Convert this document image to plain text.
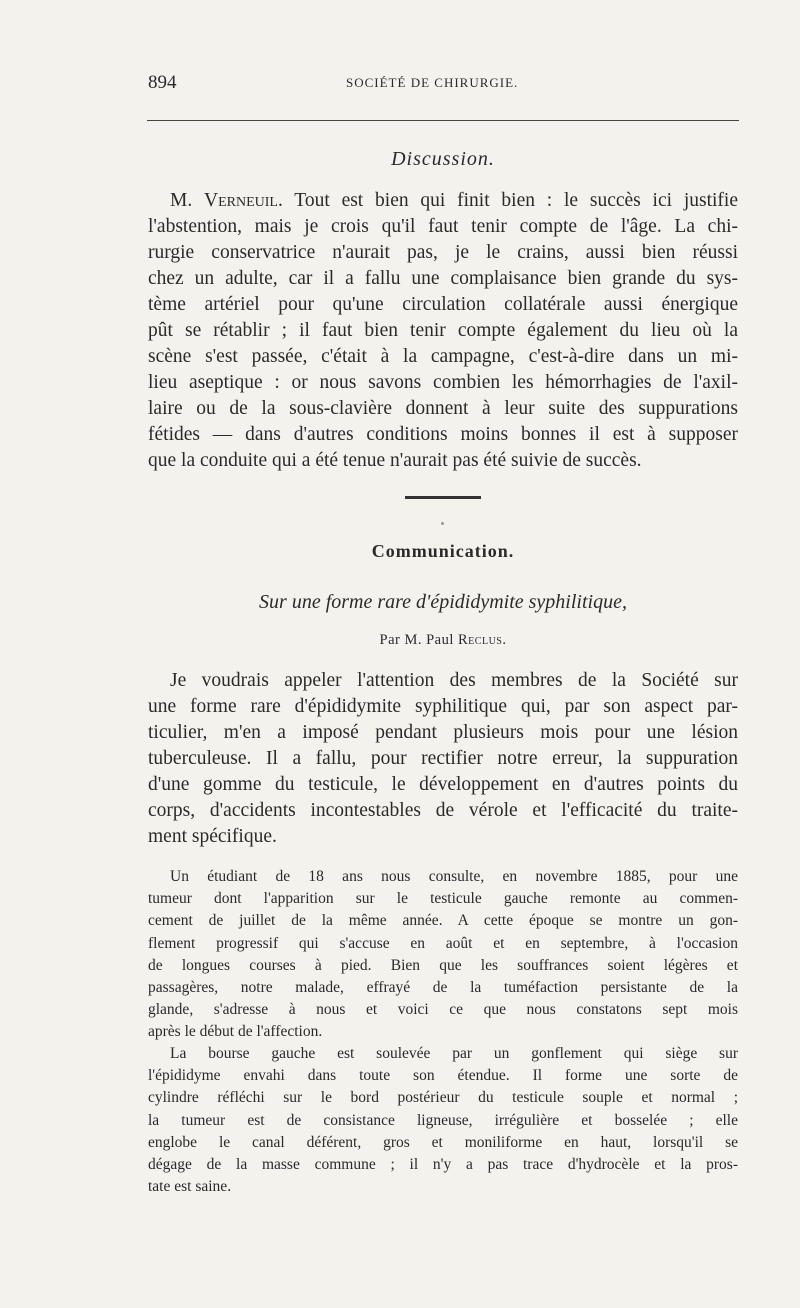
894	SOCIÉTÉ DE CHIRURGIE.
Discussion.
M. Verneuil. Tout est bien qui finit bien : le succès ici justifie
l'abstention, mais je crois qu'il faut tenir compte de l'âge. La chi-
rurgie conservatrice n'aurait pas, je le crains, aussi bien réussi
chez un adulte, car il a fallu une complaisance bien grande du sys-
tème artériel pour qu'une circulation collatérale aussi énergique
pût se rétablir ; il faut bien tenir compte également du lieu où la
scène s'est passée, c'était à la campagne, c'est-à-dire dans un mi-
lieu aseptique : or nous savons combien les hémorrhagies de l'axil-
laire ou de la sous-clavière donnent à leur suite des suppurations
fétides — dans d'autres conditions moins bonnes il est à supposer
que la conduite qui a été tenue n'aurait pas été suivie de succès.
Communication.
Sur une forme rare d'épididymite syphilitique,
Par M. Paul Reclus.
Je voudrais appeler l'attention des membres de la Société sur
une forme rare d'épididymite syphilitique qui, par son aspect par-
ticulier, m'en a imposé pendant plusieurs mois pour une lésion
tuberculeuse. Il a fallu, pour rectifier notre erreur, la suppuration
d'une gomme du testicule, le développement en d'autres points du
corps, d'accidents incontestables de vérole et l'efficacité du traite-
ment spécifique.
Un étudiant de 18 ans nous consulte, en novembre 1885, pour une
tumeur dont l'apparition sur le testicule gauche remonte au commen-
cement de juillet de la même année. A cette époque se montre un gon-
flement progressif qui s'accuse en août et en septembre, à l'occasion
de longues courses à pied. Bien que les souffrances soient légères et
passagères, notre malade, effrayé de la tuméfaction persistante de la
glande, s'adresse à nous et voici ce que nous constatons sept mois
après le début de l'affection.
La bourse gauche est soulevée par un gonflement qui siège sur
l'épididyme envahi dans toute son étendue. Il forme une sorte de
cylindre réfléchi sur le bord postérieur du testicule souple et normal ;
la tumeur est de consistance ligneuse, irrégulière et bosselée ; elle
englobe le canal déférent, gros et moniliforme en haut, lorsqu'il se
dégage de la masse commune ; il n'y a pas trace d'hydrocèle et la pros-
tate est saine.
